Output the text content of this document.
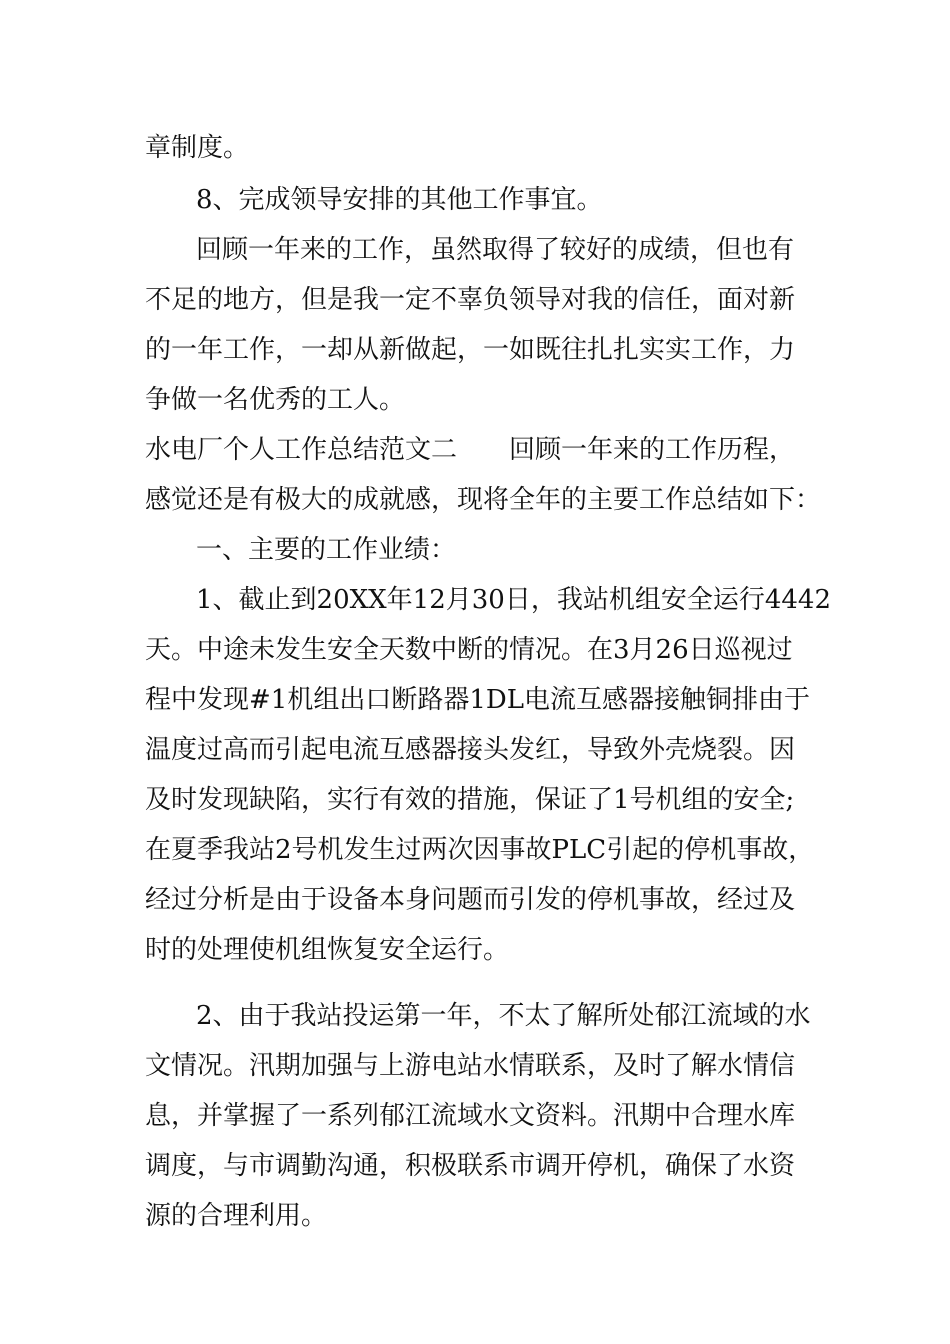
章制度。
8、完成领导安排的其他工作事宜。
回顾一年来的工作，虽然取得了较好的成绩，但也有
不足的地方，但是我一定不辜负领导对我的信任，面对新
的一年工作，一却从新做起，一如既往扎扎实实工作，力
争做一名优秀的工人。
水电厂个人工作总结范文二　　回顾一年来的工作历程，
感觉还是有极大的成就感，现将全年的主要工作总结如下：
一、主要的工作业绩：
1、截止到20XX年12月30日，我站机组安全运行4442
天。中途未发生安全天数中断的情况。在3月26日巡视过
程中发现#1机组出口断路器1DL电流互感器接触铜排由于
温度过高而引起电流互感器接头发红，导致外壳烧裂。因
及时发现缺陷，实行有效的措施，保证了1号机组的安全;
在夏季我站2号机发生过两次因事故PLC引起的停机事故，
经过分析是由于设备本身问题而引发的停机事故，经过及
时的处理使机组恢复安全运行。
2、由于我站投运第一年，不太了解所处郁江流域的水
文情况。汛期加强与上游电站水情联系，及时了解水情信
息，并掌握了一系列郁江流域水文资料。汛期中合理水库
调度，与市调勤沟通，积极联系市调开停机，确保了水资
源的合理利用。
